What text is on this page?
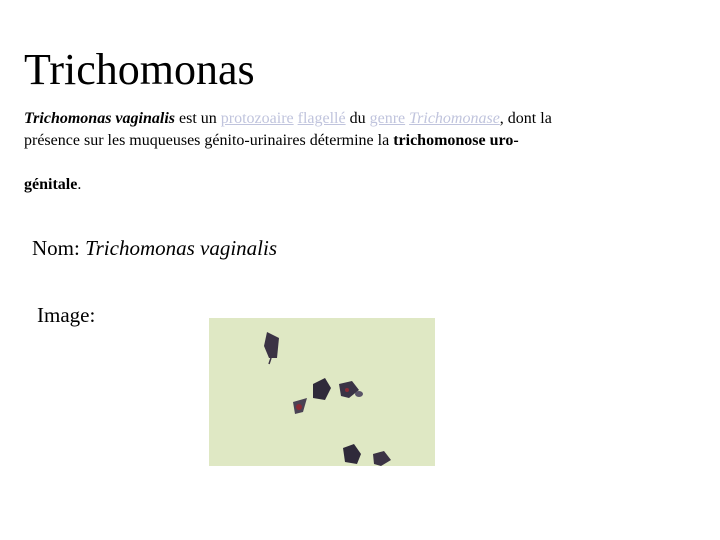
Trichomonas
Trichomonas vaginalis est un protozoaire flagellé du genre Trichomonase, dont la
présence sur les muqueuses génito-urinaires détermine la trichomonose uro-
génitale.
Nom: Trichomonas vaginalis
Image:
